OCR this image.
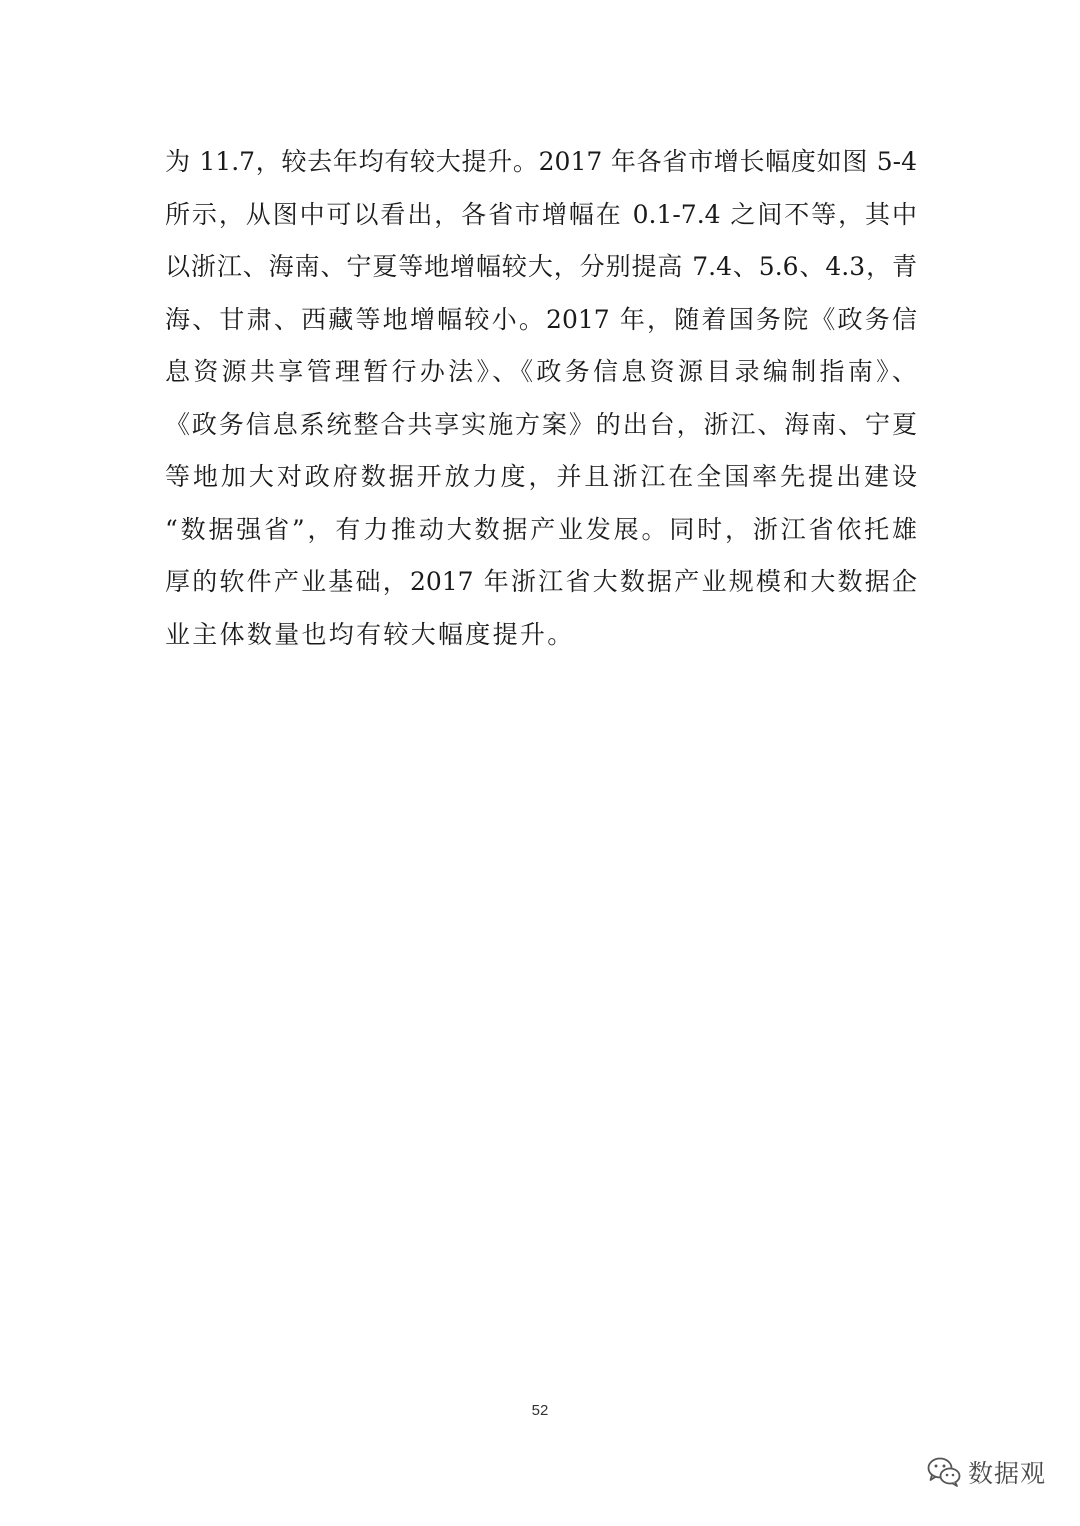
为 11.7，较去年均有较大提升。2017 年各省市增长幅度如图 5-4
所示，从图中可以看出，各省市增幅在 0.1-7.4 之间不等，其中
以浙江、海南、宁夏等地增幅较大，分别提高 7.4、5.6、4.3，青
海、甘肃、西藏等地增幅较小。2017 年，随着国务院《政务信
息资源共享管理暂行办法》、《政务信息资源目录编制指南》、
《政务信息系统整合共享实施方案》的出台，浙江、海南、宁夏
等地加大对政府数据开放力度，并且浙江在全国率先提出建设
“数据强省”，有力推动大数据产业发展。同时，浙江省依托雄
厚的软件产业基础，2017 年浙江省大数据产业规模和大数据企
业主体数量也均有较大幅度提升。
52
数据观
